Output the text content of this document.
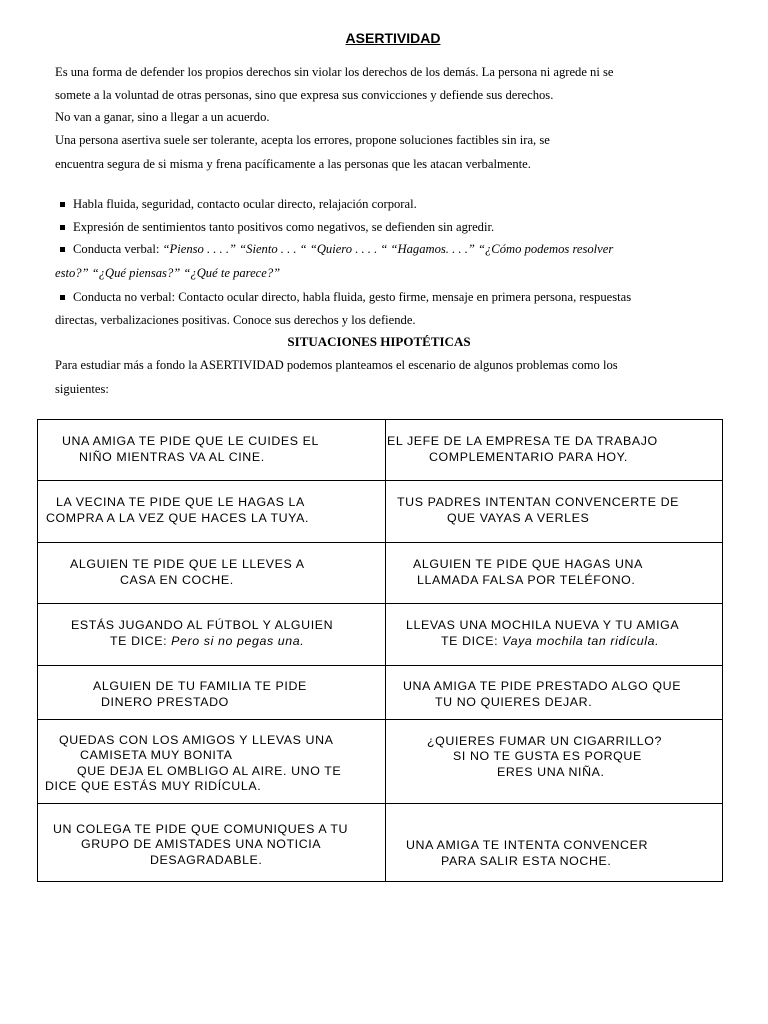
ASERTIVIDAD
Es una forma de defender los propios derechos sin violar los derechos de los demás. La persona ni agrede ni se
somete a la voluntad de otras personas, sino que expresa sus convicciones y defiende sus derechos.
No van a ganar, sino a llegar a un acuerdo.
Una persona asertiva suele ser tolerante, acepta los errores, propone soluciones factibles sin ira, se
encuentra segura de si misma y frena pacíficamente a las personas que les atacan verbalmente.
Habla fluida, seguridad, contacto ocular directo, relajación corporal.
Expresión de sentimientos tanto positivos como negativos, se defienden sin agredir.
Conducta verbal: “Pienso . . . .” “Siento . . . “ “Quiero . . . . “ “Hagamos. . . .” “¿Cómo podemos resolver
esto?” “¿Qué piensas?” “¿Qué te parece?”
Conducta no verbal: Contacto ocular directo, habla fluida, gesto firme, mensaje en primera persona, respuestas
directas, verbalizaciones positivas. Conoce sus derechos y los defiende.
SITUACIONES HIPOTÉTICAS
Para estudiar más a fondo la ASERTIVIDAD podemos planteamos el escenario de algunos problemas como los
siguientes:
UNA AMIGA TE PIDE QUE LE CUIDES EL
NIÑO MIENTRAS VA AL CINE.
EL JEFE DE LA EMPRESA TE DA TRABAJO
COMPLEMENTARIO PARA HOY.
LA VECINA TE PIDE QUE LE HAGAS LA
COMPRA A LA VEZ QUE HACES LA TUYA.
TUS PADRES INTENTAN CONVENCERTE DE
QUE VAYAS A VERLES
ALGUIEN TE PIDE QUE LE LLEVES A
CASA EN COCHE.
ALGUIEN TE PIDE QUE HAGAS UNA
LLAMADA FALSA POR TELÉFONO.
ESTÁS JUGANDO AL FÚTBOL Y ALGUIEN
TE DICE: Pero si no pegas una.
LLEVAS UNA MOCHILA NUEVA Y TU AMIGA
TE DICE: Vaya mochila tan ridícula.
ALGUIEN DE TU FAMILIA TE PIDE
DINERO PRESTADO
UNA AMIGA TE PIDE PRESTADO ALGO QUE
TU NO QUIERES DEJAR.
QUEDAS CON LOS AMIGOS Y LLEVAS UNA
CAMISETA MUY BONITA
QUE DEJA EL OMBLIGO AL AIRE. UNO TE
DICE QUE ESTÁS MUY RIDÍCULA.
¿QUIERES FUMAR UN CIGARRILLO?
SI NO TE GUSTA ES PORQUE
ERES UNA NIÑA.
UN COLEGA TE PIDE QUE COMUNIQUES A TU
GRUPO DE AMISTADES UNA NOTICIA
DESAGRADABLE.
UNA AMIGA TE INTENTA CONVENCER
PARA SALIR ESTA NOCHE.
